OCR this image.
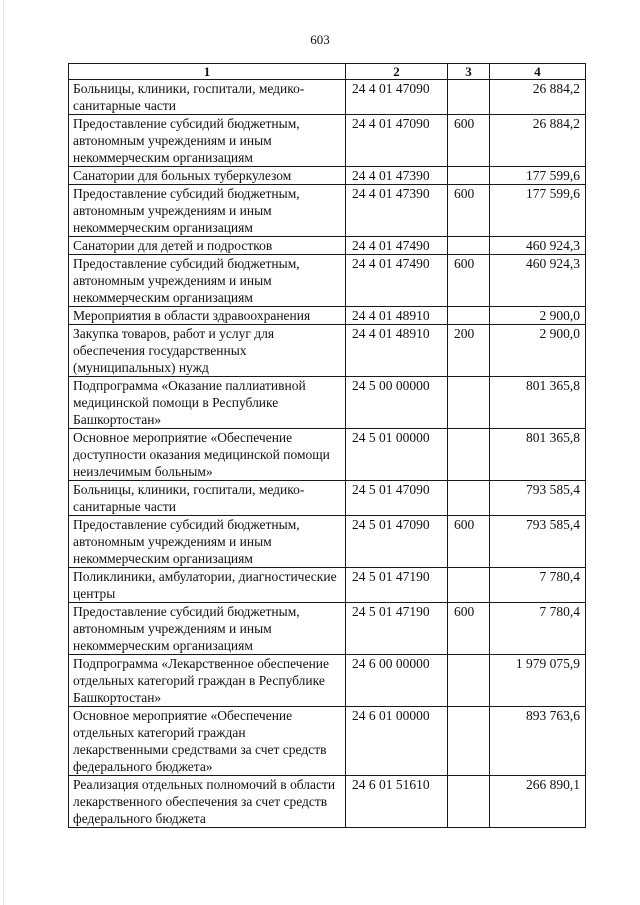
603
1	2	3	4
Больницы, клиники, госпитали, медико-санитарные части	24 4 01 47090		26 884,2
Предоставление субсидий бюджетным, автономным учреждениям и иным некоммерческим организациям	24 4 01 47090	600	26 884,2
Санатории для больных туберкулезом	24 4 01 47390		177 599,6
Предоставление субсидий бюджетным, автономным учреждениям и иным некоммерческим организациям	24 4 01 47390	600	177 599,6
Санатории для детей и подростков	24 4 01 47490		460 924,3
Предоставление субсидий бюджетным, автономным учреждениям и иным некоммерческим организациям	24 4 01 47490	600	460 924,3
Мероприятия в области здравоохранения	24 4 01 48910		2 900,0
Закупка товаров, работ и услуг для обеспечения государственных (муниципальных) нужд	24 4 01 48910	200	2 900,0
Подпрограмма «Оказание паллиативной медицинской помощи в Республике Башкортостан»	24 5 00 00000		801 365,8
Основное мероприятие «Обеспечение доступности оказания медицинской помощи неизлечимым больным»	24 5 01 00000		801 365,8
Больницы, клиники, госпитали, медико-санитарные части	24 5 01 47090		793 585,4
Предоставление субсидий бюджетным, автономным учреждениям и иным некоммерческим организациям	24 5 01 47090	600	793 585,4
Поликлиники, амбулатории, диагностические центры	24 5 01 47190		7 780,4
Предоставление субсидий бюджетным, автономным учреждениям и иным некоммерческим организациям	24 5 01 47190	600	7 780,4
Подпрограмма «Лекарственное обеспечение отдельных категорий граждан в Республике Башкортостан»	24 6 00 00000		1 979 075,9
Основное мероприятие «Обеспечение отдельных категорий граждан лекарственными средствами за счет средств федерального бюджета»	24 6 01 00000		893 763,6
Реализация отдельных полномочий в области лекарственного обеспечения за счет средств федерального бюджета	24 6 01 51610		266 890,1
